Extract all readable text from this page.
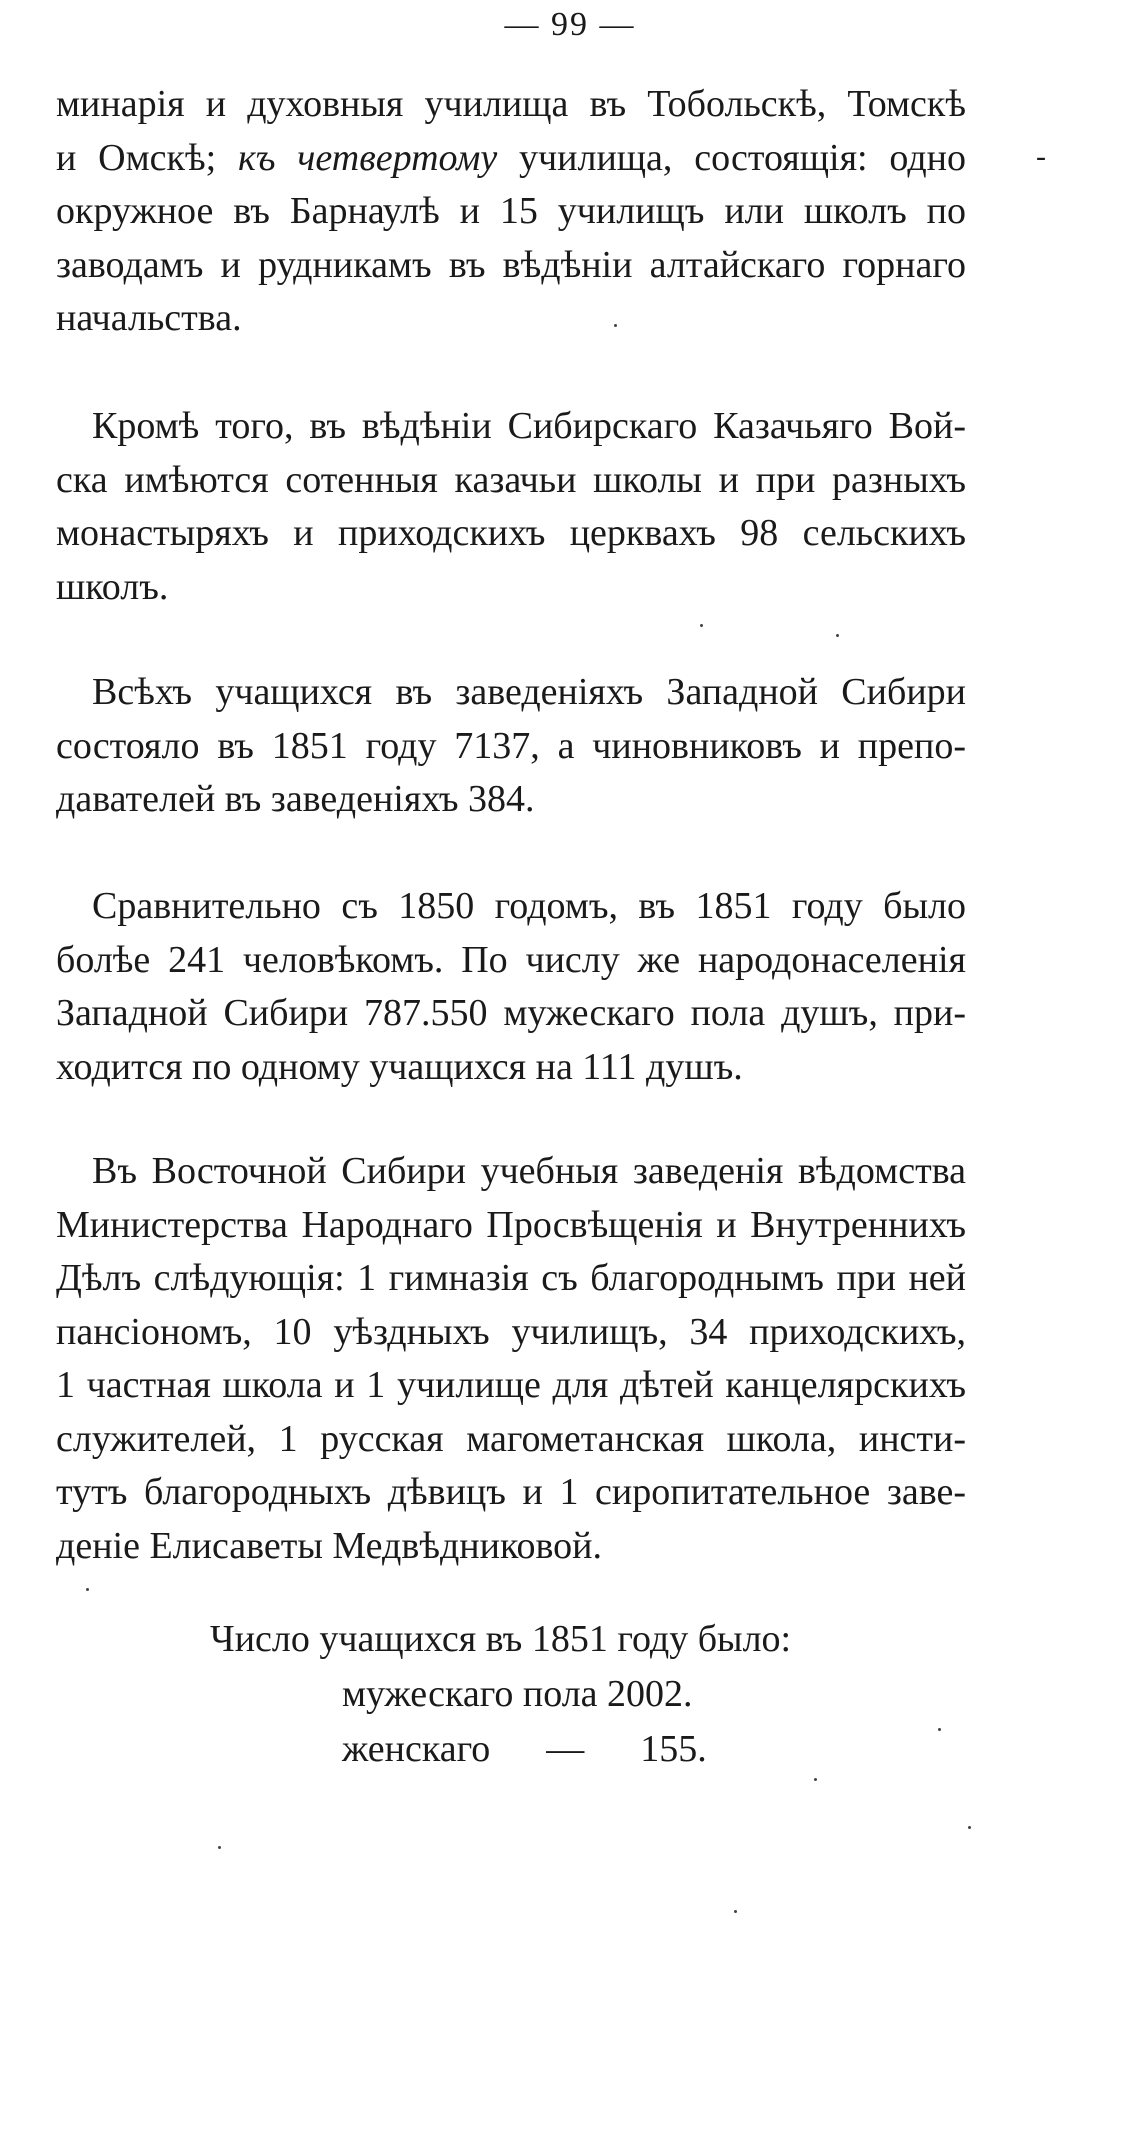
— 99 —
-
минарія и духовныя училища въ Тобольскѣ, Томскѣ
и Омскѣ; къ четвертому училища, состоящія: одно
окружное въ Барнаулѣ и 15 училищъ или школъ по
заводамъ и рудникамъ въ вѣдѣніи алтайскаго горнаго
начальства.
Кромѣ того, въ вѣдѣніи Сибирскаго Казачьяго Вой-
ска имѣются сотенныя казачьи школы и при разныхъ
монастыряхъ и приходскихъ церквахъ 98 сельскихъ
школъ.
Всѣхъ учащихся въ заведеніяхъ Западной Сибири
состояло въ 1851 году 7137, а чиновниковъ и препо-
давателей въ заведеніяхъ 384.
Сравнительно съ 1850 годомъ, въ 1851 году было
болѣе 241 человѣкомъ. По числу же народонаселенія
Западной Сибири 787.550 мужескаго пола душъ, при-
ходится по одному учащихся на 111 душъ.
Въ Восточной Сибири учебныя заведенія вѣдомства
Министерства Народнаго Просвѣщенія и Внутреннихъ
Дѣлъ слѣдующія: 1 гимназія съ благороднымъ при ней
пансіономъ, 10 уѣздныхъ училищъ, 34 приходскихъ,
1 частная школа и 1 училище для дѣтей канцелярскихъ
служителей, 1 русская магометанская школа, инсти-
тутъ благородныхъ дѣвицъ и 1 сиропитательное заве-
деніе Елисаветы Медвѣдниковой.
Число учащихся въ 1851 году было:
мужескаго пола 2002.
женскаго — 155.
